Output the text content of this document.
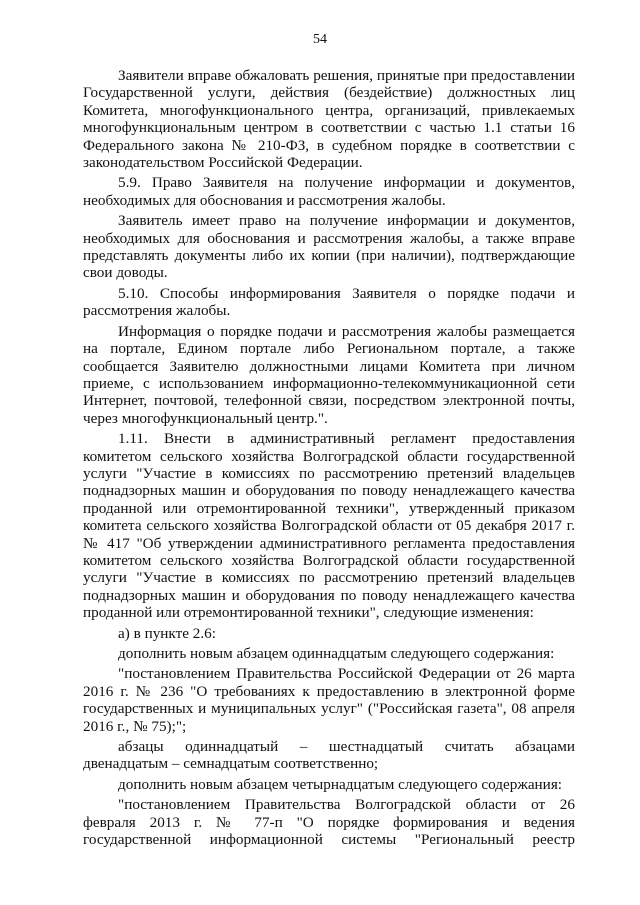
54

Заявители вправе обжаловать решения, принятые при предоставлении Государственной услуги, действия (бездействие) должностных лиц Комитета, многофункционального центра, организаций, привлекаемых многофункциональным центром в соответствии с частью 1.1 статьи 16 Федерального закона № 210-ФЗ, в судебном порядке в соответствии с законодательством Российской Федерации.

5.9. Право Заявителя на получение информации и документов, необходимых для обоснования и рассмотрения жалобы.

Заявитель имеет право на получение информации и документов, необходимых для обоснования и рассмотрения жалобы, а также вправе представлять документы либо их копии (при наличии), подтверждающие свои доводы.

5.10. Способы информирования Заявителя о порядке подачи и рассмотрения жалобы.

Информация о порядке подачи и рассмотрения жалобы размещается на портале, Едином портале либо Региональном портале, а также сообщается Заявителю должностными лицами Комитета при личном приеме, с использованием информационно-телекоммуникационной сети Интернет, почтовой, телефонной связи, посредством электронной почты, через многофункциональный центр.".

1.11. Внести в административный регламент предоставления комитетом сельского хозяйства Волгоградской области государственной услуги "Участие в комиссиях по рассмотрению претензий владельцев поднадзорных машин и оборудования по поводу ненадлежащего качества проданной или отремонтированной техники", утвержденный приказом комитета сельского хозяйства Волгоградской области от 05 декабря 2017 г. № 417 "Об утверждении административного регламента предоставления комитетом сельского хозяйства Волгоградской области государственной услуги "Участие в комиссиях по рассмотрению претензий владельцев поднадзорных машин и оборудования по поводу ненадлежащего качества проданной или отремонтированной техники", следующие изменения:

а) в пункте 2.6:

дополнить новым абзацем одиннадцатым следующего содержания:

"постановлением Правительства Российской Федерации от 26 марта 2016 г. № 236 "О требованиях к предоставлению в электронной форме государственных и муниципальных услуг" ("Российская газета", 08 апреля 2016 г., № 75);";

абзацы одиннадцатый – шестнадцатый считать абзацами двенадцатым – семнадцатым соответственно;

дополнить новым абзацем четырнадцатым следующего содержания:

"постановлением Правительства Волгоградской области от 26 февраля 2013 г. № 77-п "О порядке формирования и ведения государственной информационной системы "Региональный реестр
